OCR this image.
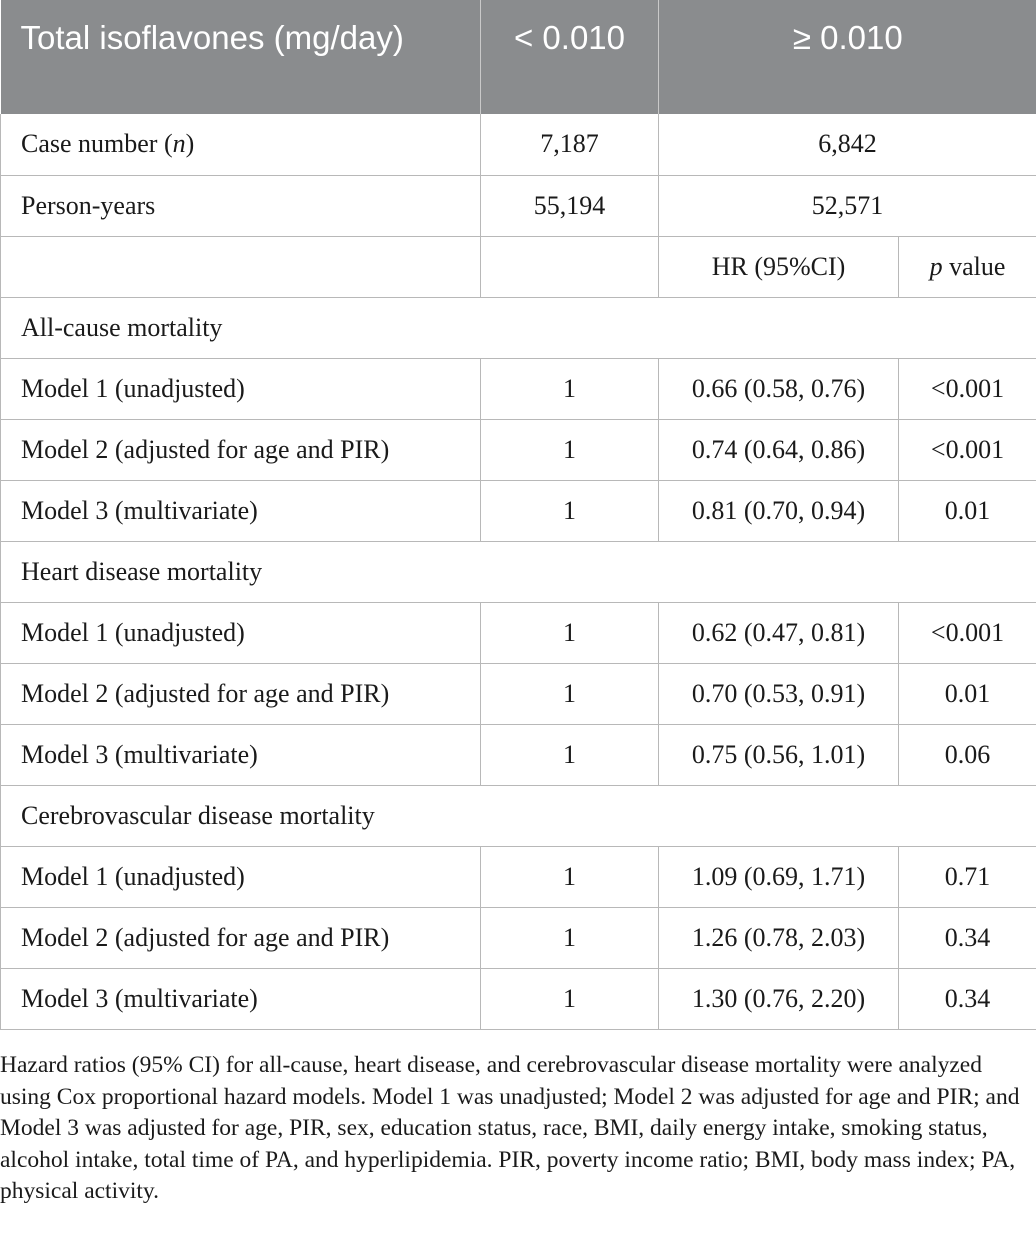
Total isoflavones (mg/day)	< 0.010	≥ 0.010	
Case number (n)	7,187	6,842	
Person-years	55,194	52,571	
		HR (95%CI)	p value
All-cause mortality			
Model 1 (unadjusted)	1	0.66 (0.58, 0.76)	<0.001
Model 2 (adjusted for age and PIR)	1	0.74 (0.64, 0.86)	<0.001
Model 3 (multivariate)	1	0.81 (0.70, 0.94)	0.01
Heart disease mortality			
Model 1 (unadjusted)	1	0.62 (0.47, 0.81)	<0.001
Model 2 (adjusted for age and PIR)	1	0.70 (0.53, 0.91)	0.01
Model 3 (multivariate)	1	0.75 (0.56, 1.01)	0.06
Cerebrovascular disease mortality			
Model 1 (unadjusted)	1	1.09 (0.69, 1.71)	0.71
Model 2 (adjusted for age and PIR)	1	1.26 (0.78, 2.03)	0.34
Model 3 (multivariate)	1	1.30 (0.76, 2.20)	0.34
Hazard ratios (95% CI) for all-cause, heart disease, and cerebrovascular disease mortality were analyzed using Cox proportional hazard models. Model 1 was unadjusted; Model 2 was adjusted for age and PIR; and Model 3 was adjusted for age, PIR, sex, education status, race, BMI, daily energy intake, smoking status, alcohol intake, total time of PA, and hyperlipidemia. PIR, poverty income ratio; BMI, body mass index; PA, physical activity.
